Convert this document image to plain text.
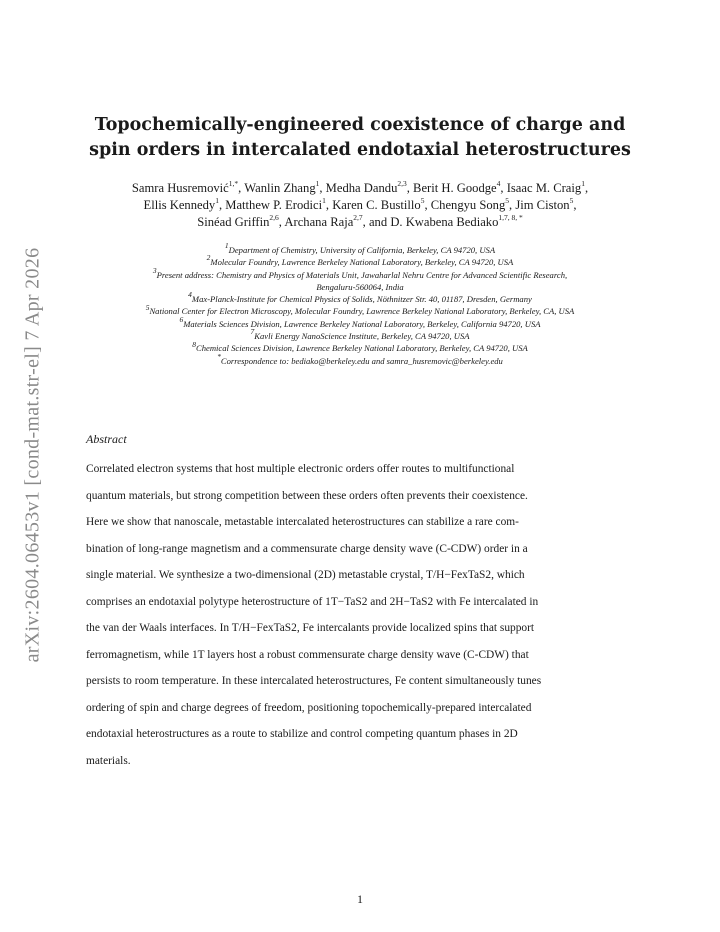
arXiv:2604.06453v1 [cond-mat.str-el] 7 Apr 2026
Topochemically-engineered coexistence of charge and
spin orders in intercalated endotaxial heterostructures
Samra Husremović$^{1,*}$, Wanlin Zhang$^1$, Medha Dandu$^{2,3}$, Berit H. Goodge$^4$, Isaac M. Craig$^1$,
Ellis Kennedy$^1$, Matthew P. Erodici$^1$, Karen C. Bustillo$^5$, Chengyu Song$^5$, Jim Ciston$^5$,
Sinéad Griffin$^{2,6}$, Archana Raja$^{2,7}$, and D. Kwabena Bediako$^{1,7, 8, *}$
$^1$Department of Chemistry, University of California, Berkeley, CA 94720, USA
$^2$Molecular Foundry, Lawrence Berkeley National Laboratory, Berkeley, CA 94720, USA
$^3$Present address: Chemistry and Physics of Materials Unit, Jawaharlal Nehru Centre for Advanced Scientific Research,
Bengaluru-560064, India
$^4$Max-Planck-Institute for Chemical Physics of Solids, Nöthnitzer Str. 40, 01187, Dresden, Germany
$^5$National Center for Electron Microscopy, Molecular Foundry, Lawrence Berkeley National Laboratory, Berkeley, CA, USA
$^6$Materials Sciences Division, Lawrence Berkeley National Laboratory, Berkeley, California 94720, USA
$^7$Kavli Energy NanoScience Institute, Berkeley, CA 94720, USA
$^8$Chemical Sciences Division, Lawrence Berkeley National Laboratory, Berkeley, CA 94720, USA
*Correspondence to: bediako@berkeley.edu and samra_husremovic@berkeley.edu
Abstract
Correlated electron systems that host multiple electronic orders offer routes to multifunctional
quantum materials, but strong competition between these orders often prevents their coexistence.
Here we show that nanoscale, metastable intercalated heterostructures can stabilize a rare com-
bination of long-range magnetism and a commensurate charge density wave (C-CDW) order in a
single material. We synthesize a two-dimensional (2D) metastable crystal, T/H−FexTaS2, which
comprises an endotaxial polytype heterostructure of 1T−TaS2 and 2H−TaS2 with Fe intercalated in
the van der Waals interfaces. In T/H−FexTaS2, Fe intercalants provide localized spins that support
ferromagnetism, while 1T layers host a robust commensurate charge density wave (C-CDW) that
persists to room temperature. In these intercalated heterostructures, Fe content simultaneously tunes
ordering of spin and charge degrees of freedom, positioning topochemically-prepared intercalated
endotaxial heterostructures as a route to stabilize and control competing quantum phases in 2D
materials.
1
